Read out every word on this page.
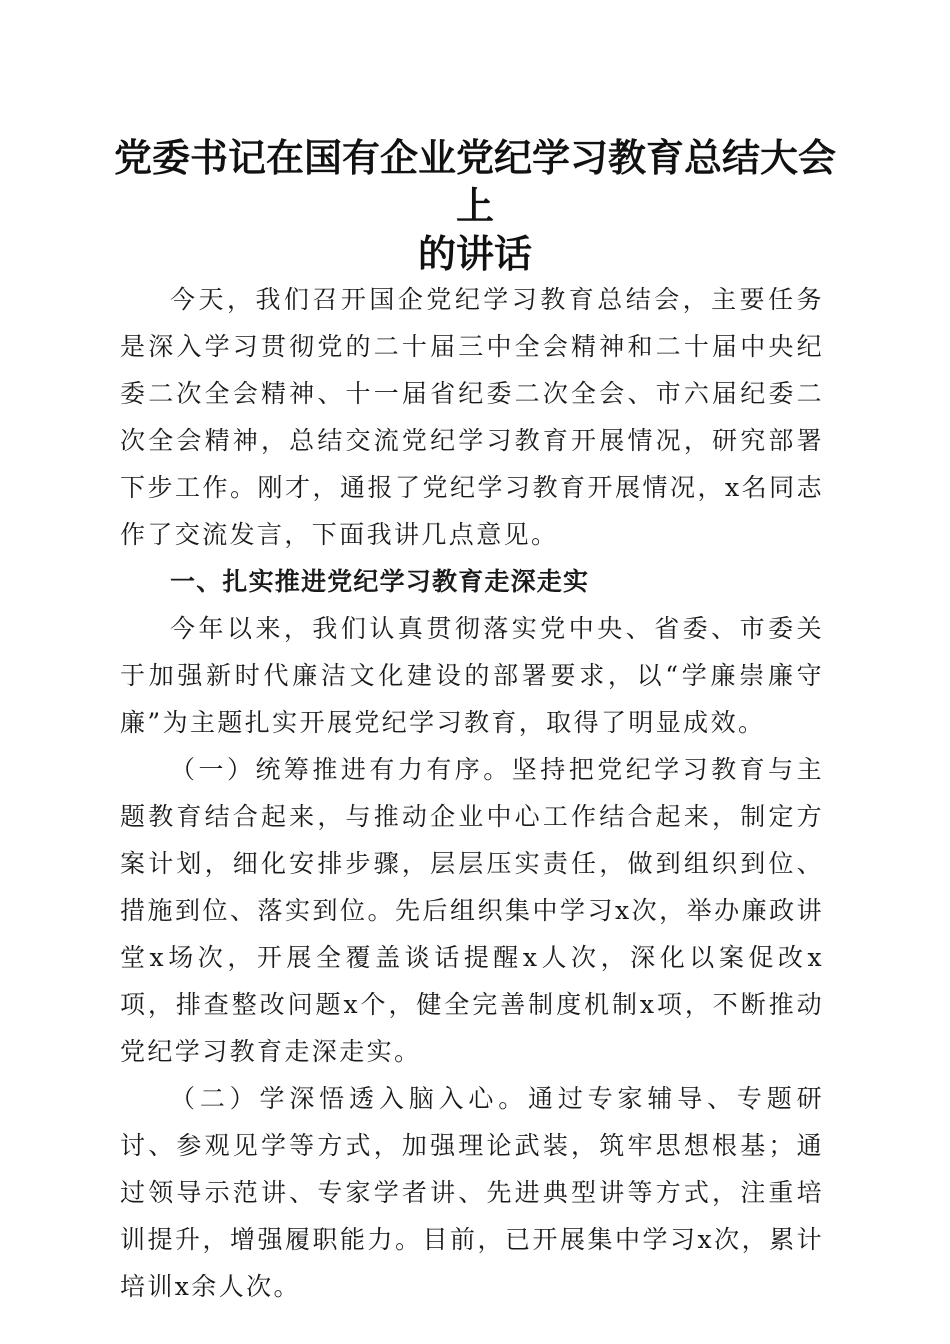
党委书记在国有企业党纪学习教育总结大会上
的讲话

今天，我们召开国企党纪学习教育总结会，主要任务是深入学习贯彻党的二十届三中全会精神和二十届中央纪委二次全会精神、十一届省纪委二次全会、市六届纪委二次全会精神，总结交流党纪学习教育开展情况，研究部署下步工作。刚才，通报了党纪学习教育开展情况，x名同志作了交流发言，下面我讲几点意见。

一、扎实推进党纪学习教育走深走实

今年以来，我们认真贯彻落实党中央、省委、市委关于加强新时代廉洁文化建设的部署要求，以“学廉崇廉守廉”为主题扎实开展党纪学习教育，取得了明显成效。

（一）统筹推进有力有序。坚持把党纪学习教育与主题教育结合起来，与推动企业中心工作结合起来，制定方案计划，细化安排步骤，层层压实责任，做到组织到位、措施到位、落实到位。先后组织集中学习x次，举办廉政讲堂x场次，开展全覆盖谈话提醒x人次，深化以案促改x项，排查整改问题x个，健全完善制度机制x项，不断推动党纪学习教育走深走实。

（二）学深悟透入脑入心。通过专家辅导、专题研讨、参观见学等方式，加强理论武装，筑牢思想根基；通过领导示范讲、专家学者讲、先进典型讲等方式，注重培训提升，增强履职能力。目前，已开展集中学习x次，累计培训x余人次。
